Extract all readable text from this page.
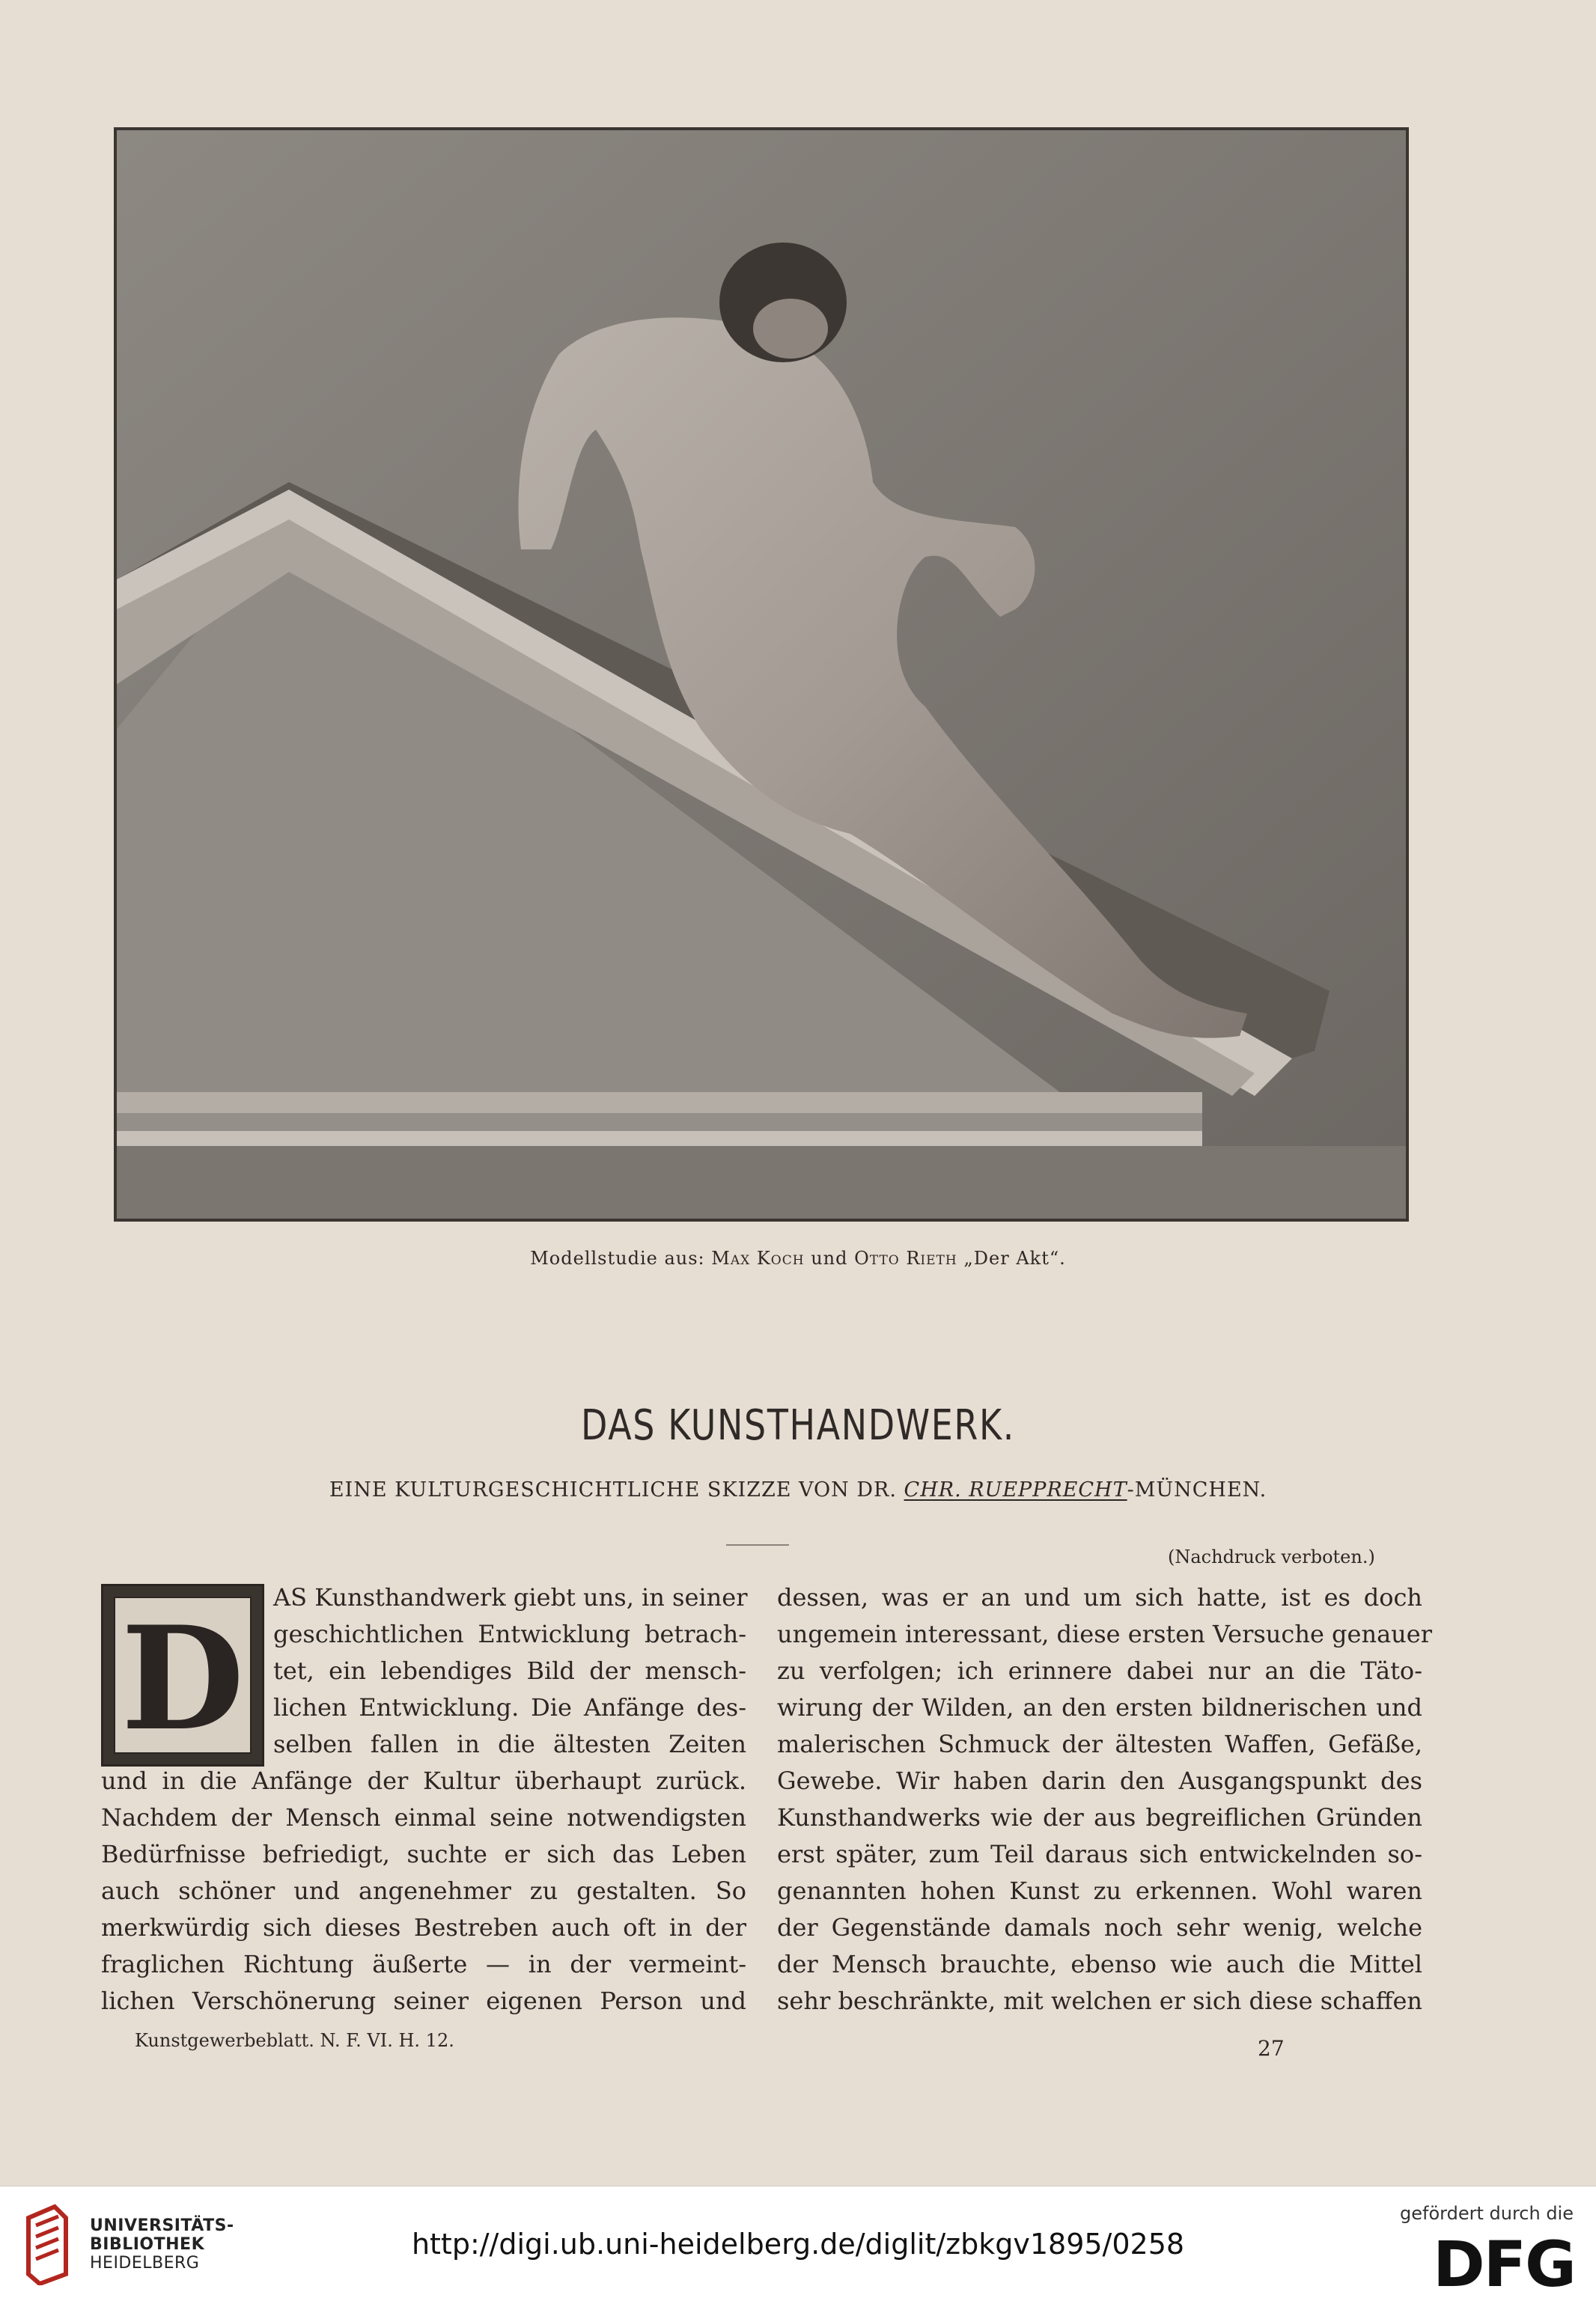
Modellstudie aus: Max Koch und Otto Rieth „Der Akt“.
DAS KUNSTHANDWERK.
EINE KULTURGESCHICHTLICHE SKIZZE VON DR. CHR. RUEPPRECHT-MÜNCHEN.
(Nachdruck verboten.)
D	AS Kunsthandwerk giebt uns, in seiner
geschichtlichen Entwicklung betrach-
tet, ein lebendiges Bild der mensch-
lichen Entwicklung. Die Anfänge des-
selben fallen in die ältesten Zeiten
und in die Anfänge der Kultur überhaupt zurück.
Nachdem der Mensch einmal seine notwendigsten
Bedürfnisse befriedigt, suchte er sich das Leben
auch schöner und angenehmer zu gestalten. So
merkwürdig sich dieses Bestreben auch oft in der
fraglichen Richtung äußerte — in der vermeint-
lichen Verschönerung seiner eigenen Person und
dessen, was er an und um sich hatte, ist es doch
ungemein interessant, diese ersten Versuche genauer
zu verfolgen; ich erinnere dabei nur an die Täto-
wirung der Wilden, an den ersten bildnerischen und
malerischen Schmuck der ältesten Waffen, Gefäße,
Gewebe. Wir haben darin den Ausgangspunkt des
Kunsthandwerks wie der aus begreiflichen Gründen
erst später, zum Teil daraus sich entwickelnden so-
genannten hohen Kunst zu erkennen. Wohl waren
der Gegenstände damals noch sehr wenig, welche
der Mensch brauchte, ebenso wie auch die Mittel
sehr beschränkte, mit welchen er sich diese schaffen
Kunstgewerbeblatt. N. F. VI. H. 12.	27
UNIVERSITÄTS-
BIBLIOTHEK
HEIDELBERG
http://digi.ub.uni-heidelberg.de/diglit/zbkgv1895/0258
gefördert durch die
DFG
